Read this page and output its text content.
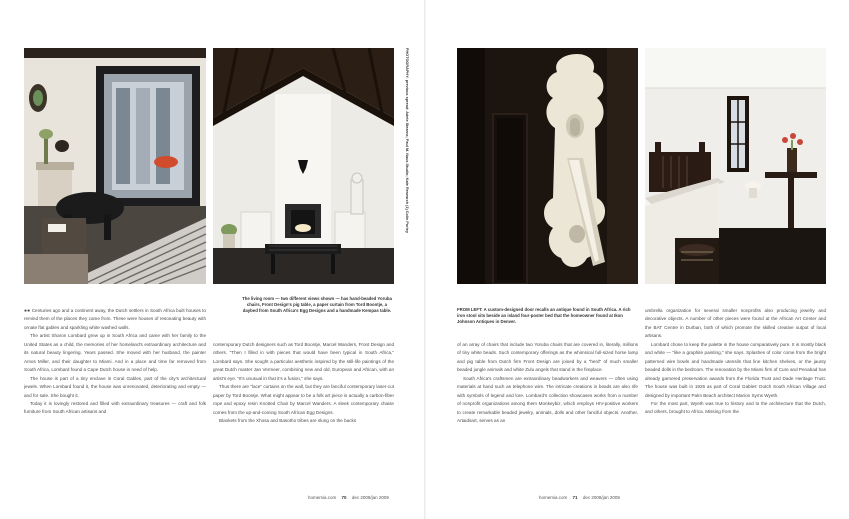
PHOTOGRAPHY: previous spread: Adele Stearns; Paul M. Naus Studio; Kate Research (1) Colin Porley

●● Centuries ago and a continent away, the Dutch settlers in South Africa built houses to remind them of the places they came from. These were houses of resonating beauty with ornate flat gables and sparkling white washed walls.

The artist Sharon Lombard grew up in South Africa and came with her family to the United States as a child, the memories of her homeland's extraordinary architecture and its natural beauty lingering. Years passed. She moved with her husband, the painter Amos Miller, and their daughter to Miami. And in a place and time far removed from South Africa, Lombard found a Cape Dutch house in need of help.

The house is part of a tiny enclave in Coral Gables, part of the city's architectural jewels. When Lombard found it, the house was unrenovated, deteriorating and empty — and for sale. She bought it.

Today it is lovingly restored and filled with extraordinary treasures — craft and folk furniture from South African artisans and

The living room — two different views shown — has hand-beaded Yoruba chairs, Front Design's pig table, a paper curtain from Tord Boontje, a daybed from South Africa's Egg Designs and a handmade Kempas table.

contemporary Dutch designers such as Tord Boontje, Marcel Wanders, Front Design and others. "Then I filled in with pieces that would have been typical in South Africa," Lombard says. She sought a particular aesthetic inspired by the still-life paintings of the great Dutch master Jan Vermeer, combining new and old, European and African, with an artist's eye. "It's unusual in that it's a fusion," she says.

Thus there are "lace" curtains on the wall, but they are fanciful contemporary laser-cut paper by Tord Boontje. What might appear to be a folk art piece is actually a carbon-fiber rope and epoxy resin Knotted Chair by Marcel Wanders. A sleek contemporary chaise comes from the up-and-coming South African Egg Designs.

Blankets from the Xhosa and Basotho tribes are slung on the backs

FROM LEFT: A custom-designed door recalls an antique found in South Africa. A rich iron stool sits beside an island four-poster bed that the homeowner found at Ikon Johnson Antiques in Denver.

of an array of chairs that include two Yoruba chairs that are covered in, literally, millions of tiny white beads. Such contemporary offerings as the whimsical full-sized horse lamp and pig table from Dutch firm Front Design are joined by a "herd" of much smaller beaded jungle animals and white Zulu angels that stand in the fireplace.

South Africa's craftsmen are extraordinary beadworkers and weavers — often using materials at hand such as telephone wire. The intricate creations in beads are also rife with symbols of legend and lore. Lombard's collection showcases works from a number of nonprofit organizations among them Monkeybiz, which employs HIV-positive workers to create remarkable beaded jewelry, animals, dolls and other fanciful objects. Another, Artaidsart, serves as an

umbrella organization for several smaller nonprofits also producing jewelry and decorative objects. A number of other pieces were found at the African Art Center and the BAT Centre in Durban, both of which promote the skilled creative output of local artisans.

Lombard chose to keep the palette in the house comparatively pure. It is mostly black and white — "like a graphite painting," she says. Splashes of color come from the bright patterned wire bowls and handmade utensils that line kitchen shelves, or the jaunty beaded dolls in the bedroom. The renovation by the Miami firm of Cure and Penabad has already garnered preservation awards from the Florida Trust and Dade Heritage Trust. The house was built in 1926 as part of Coral Gables' Dutch South African Village and designed by important Palm Beach architect Marion Syms Wyeth.

For the most part, Wyeth was true to history and to the architecture that the Dutch, and others, brought to Africa. Missing from the

homemia.com 70 dec 2008/jan 2009	homemia.com 71 dec 2008/jan 2009
